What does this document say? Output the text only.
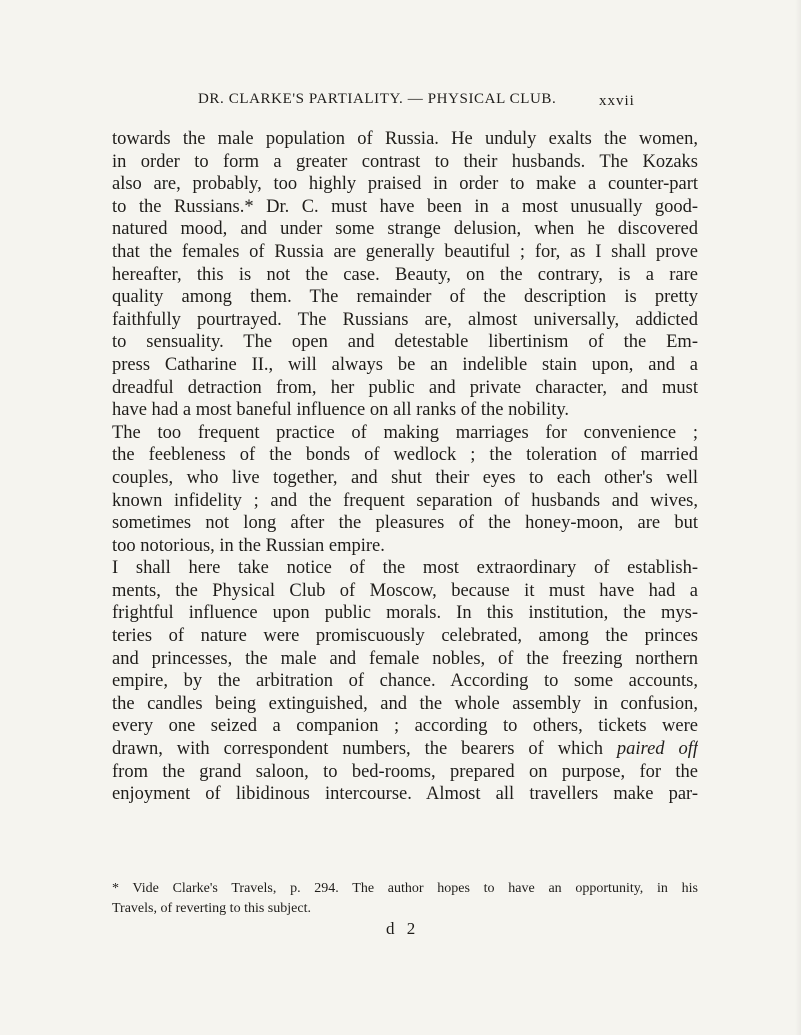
DR. CLARKE'S PARTIALITY. — PHYSICAL CLUB.	xxvii
towards the male population of Russia. He unduly exalts the women,
in order to form a greater contrast to their husbands. The Kozaks
also are, probably, too highly praised in order to make a counter-part
to the Russians.* Dr. C. must have been in a most unusually good-
natured mood, and under some strange delusion, when he discovered
that the females of Russia are generally beautiful ; for, as I shall prove
hereafter, this is not the case. Beauty, on the contrary, is a rare
quality among them. The remainder of the description is pretty
faithfully pourtrayed. The Russians are, almost universally, addicted
to sensuality. The open and detestable libertinism of the Em-
press Catharine II., will always be an indelible stain upon, and a
dreadful detraction from, her public and private character, and must
have had a most baneful influence on all ranks of the nobility.
The too frequent practice of making marriages for convenience ;
the feebleness of the bonds of wedlock ; the toleration of married
couples, who live together, and shut their eyes to each other's well
known infidelity ; and the frequent separation of husbands and wives,
sometimes not long after the pleasures of the honey-moon, are but
too notorious, in the Russian empire.
I shall here take notice of the most extraordinary of establish-
ments, the Physical Club of Moscow, because it must have had a
frightful influence upon public morals. In this institution, the mys-
teries of nature were promiscuously celebrated, among the princes
and princesses, the male and female nobles, of the freezing northern
empire, by the arbitration of chance. According to some accounts,
the candles being extinguished, and the whole assembly in confusion,
every one seized a companion ; according to others, tickets were
drawn, with correspondent numbers, the bearers of which paired off
from the grand saloon, to bed-rooms, prepared on purpose, for the
enjoyment of libidinous intercourse. Almost all travellers make par-
* Vide Clarke's Travels, p. 294. The author hopes to have an opportunity, in his
Travels, of reverting to this subject.
d 2
